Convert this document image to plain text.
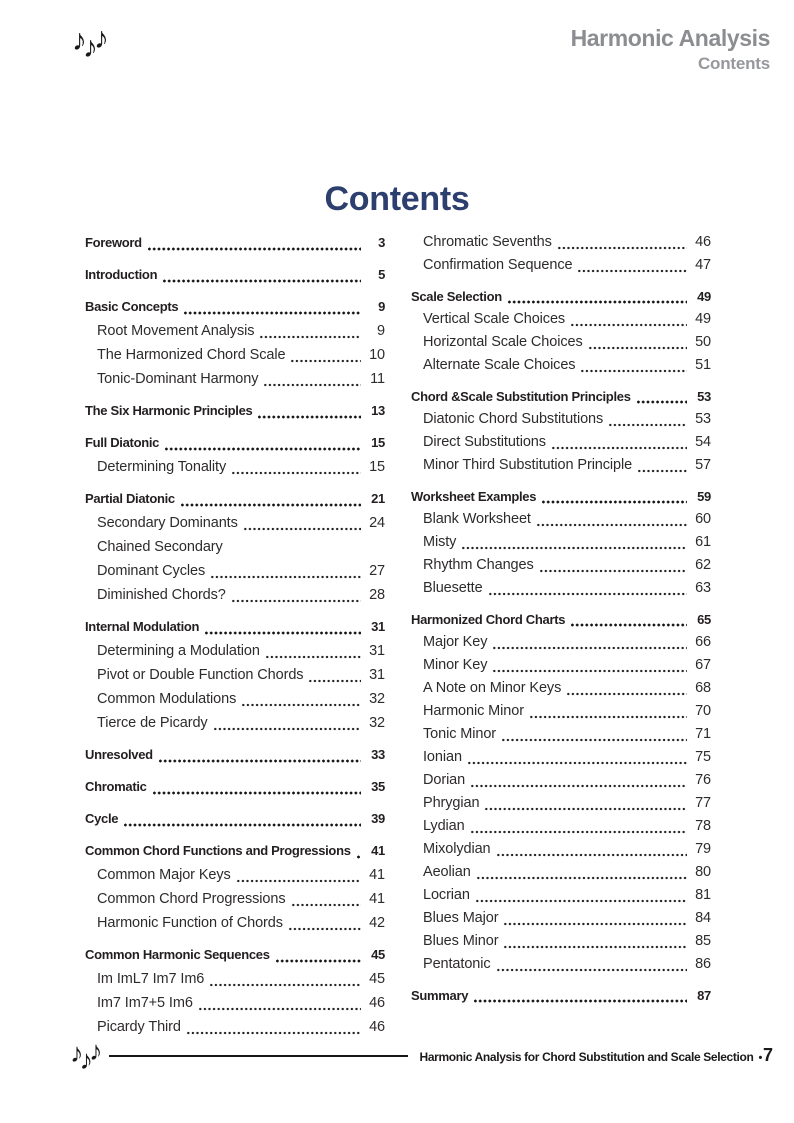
♪♪♪	Harmonic Analysis
Contents
Contents
Foreword	3
Introduction	5
Basic Concepts	9
Root Movement Analysis	9
The Harmonized Chord Scale	10
Tonic-Dominant Harmony	11
The Six Harmonic Principles	13
Full Diatonic	15
Determining Tonality	15
Partial Diatonic	21
Secondary Dominants	24
Chained Secondary
Dominant Cycles	27
Diminished Chords?	28
Internal Modulation	31
Determining a Modulation	31
Pivot or Double Function Chords	31
Common Modulations	32
Tierce de Picardy	32
Unresolved	33
Chromatic	35
Cycle	39
Common Chord Functions and Progressions	41
Common Major Keys	41
Common Chord Progressions	41
Harmonic Function of Chords	42
Common Harmonic Sequences	45
Im ImL7 Im7 Im6	45
Im7 Im7+5 Im6	46
Picardy Third	46
Chromatic Sevenths	46
Confirmation Sequence	47
Scale Selection	49
Vertical Scale Choices	49
Horizontal Scale Choices	50
Alternate Scale Choices	51
Chord &Scale Substitution Principles	53
Diatonic Chord Substitutions	53
Direct Substitutions	54
Minor Third Substitution Principle	57
Worksheet Examples	59
Blank Worksheet	60
Misty	61
Rhythm Changes	62
Bluesette	63
Harmonized Chord Charts	65
Major Key	66
Minor Key	67
A Note on Minor Keys	68
Harmonic Minor	70
Tonic Minor	71
Ionian	75
Dorian	76
Phrygian	77
Lydian	78
Mixolydian	79
Aeolian	80
Locrian	81
Blues Major	84
Blues Minor	85
Pentatonic	86
Summary	87
♪♪♪	Harmonic Analysis for Chord Substitution and Scale Selection • 7
